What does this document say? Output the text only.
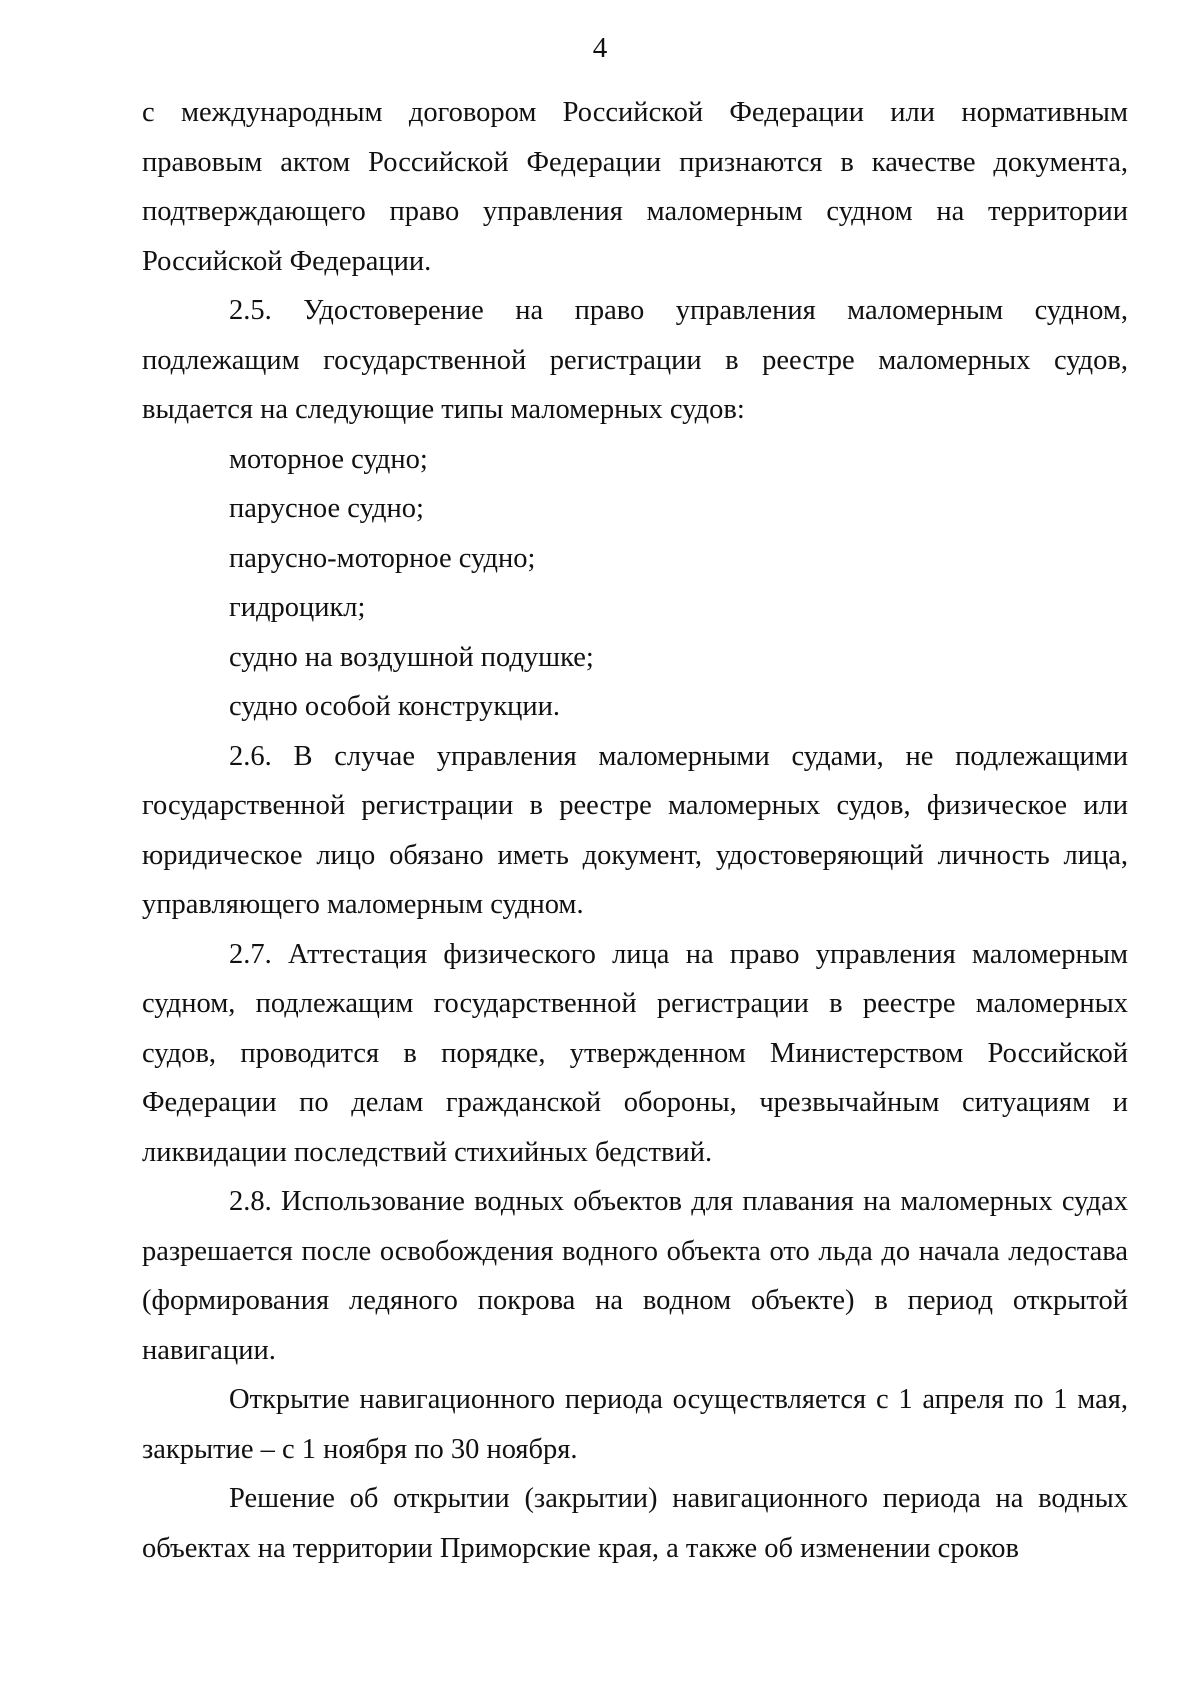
4

с международным договором Российской Федерации или нормативным правовым актом Российской Федерации признаются в качестве документа, подтверждающего право управления маломерным судном на территории Российской Федерации.

2.5. Удостоверение на право управления маломерным судном, подлежащим государственной регистрации в реестре маломерных судов, выдается на следующие типы маломерных судов:

моторное судно;
парусное судно;
парусно-моторное судно;
гидроцикл;
судно на воздушной подушке;
судно особой конструкции.

2.6. В случае управления маломерными судами, не подлежащими государственной регистрации в реестре маломерных судов, физическое или юридическое лицо обязано иметь документ, удостоверяющий личность лица, управляющего маломерным судном.

2.7. Аттестация физического лица на право управления маломерным судном, подлежащим государственной регистрации в реестре маломерных судов, проводится в порядке, утвержденном Министерством Российской Федерации по делам гражданской обороны, чрезвычайным ситуациям и ликвидации последствий стихийных бедствий.

2.8. Использование водных объектов для плавания на маломерных судах разрешается после освобождения водного объекта ото льда до начала ледостава (формирования ледяного покрова на водном объекте) в период открытой навигации.

Открытие навигационного периода осуществляется с 1 апреля по 1 мая, закрытие – с 1 ноября по 30 ноября.

Решение об открытии (закрытии) навигационного периода на водных объектах на территории Приморские края, а также об изменении сроков
